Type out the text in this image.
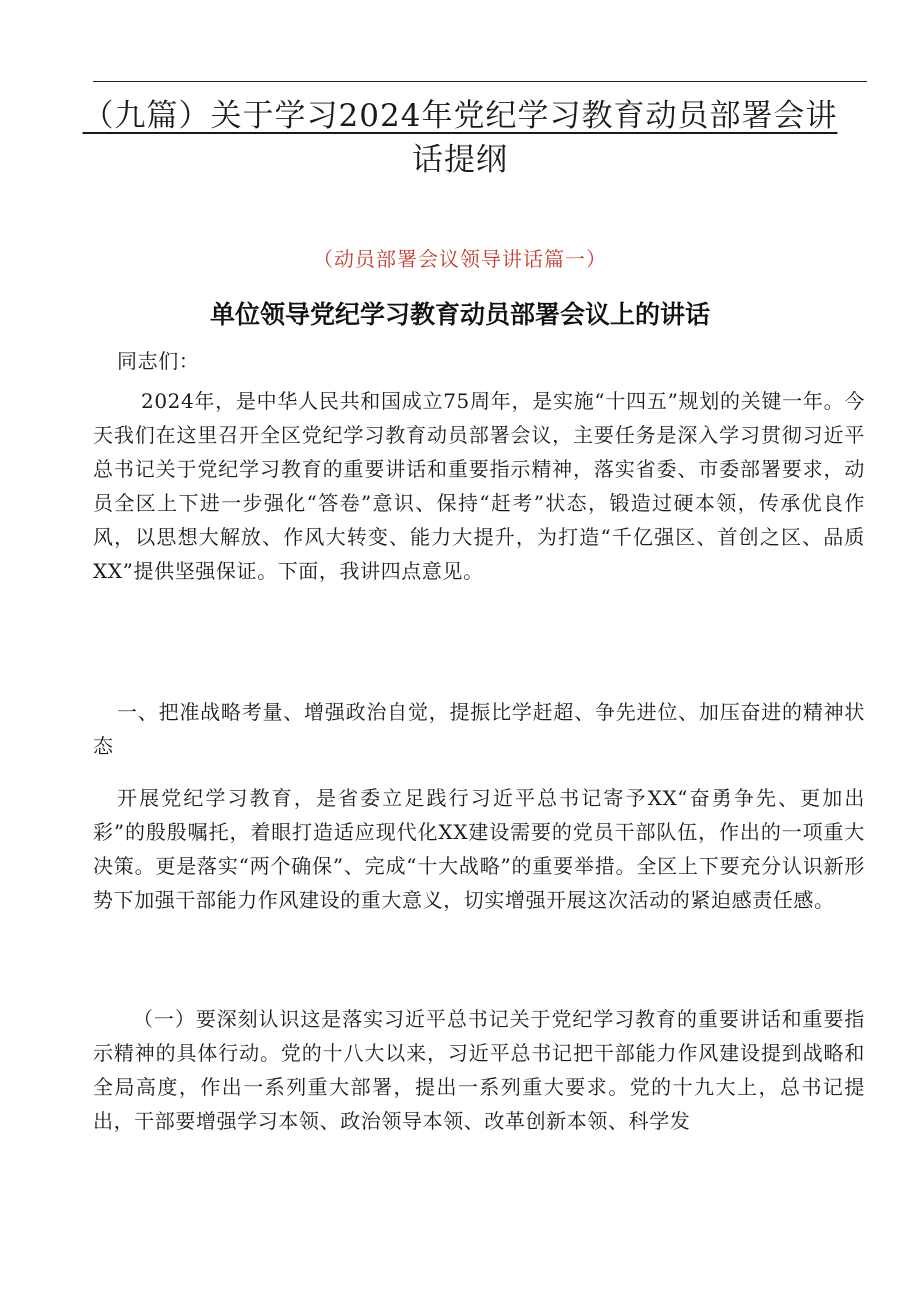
（九篇）关于学习2024年党纪学习教育动员部署会讲
话提纲

（动员部署会议领导讲话篇一）

单位领导党纪学习教育动员部署会议上的讲话

同志们：

2024年，是中华人民共和国成立75周年，是实施“十四五”规划的关键一年。今天我们在这里召开全区党纪学习教育动员部署会议，主要任务是深入学习贯彻习近平总书记关于党纪学习教育的重要讲话和重要指示精神，落实省委、市委部署要求，动员全区上下进一步强化“答卷”意识、保持“赶考”状态，锻造过硬本领，传承优良作风，以思想大解放、作风大转变、能力大提升，为打造“千亿强区、首创之区、品质XX”提供坚强保证。下面，我讲四点意见。

一、把准战略考量、增强政治自觉，提振比学赶超、争先进位、加压奋进的精神状态

开展党纪学习教育，是省委立足践行习近平总书记寄予XX“奋勇争先、更加出彩”的殷殷嘱托，着眼打造适应现代化XX建设需要的党员干部队伍，作出的一项重大决策。更是落实“两个确保”、完成“十大战略”的重要举措。全区上下要充分认识新形势下加强干部能力作风建设的重大意义，切实增强开展这次活动的紧迫感责任感。

（一）要深刻认识这是落实习近平总书记关于党纪学习教育的重要讲话和重要指示精神的具体行动。党的十八大以来，习近平总书记把干部能力作风建设提到战略和全局高度，作出一系列重大部署，提出一系列重大要求。党的十九大上，总书记提出，干部要增强学习本领、政治领导本领、改革创新本领、科学发
